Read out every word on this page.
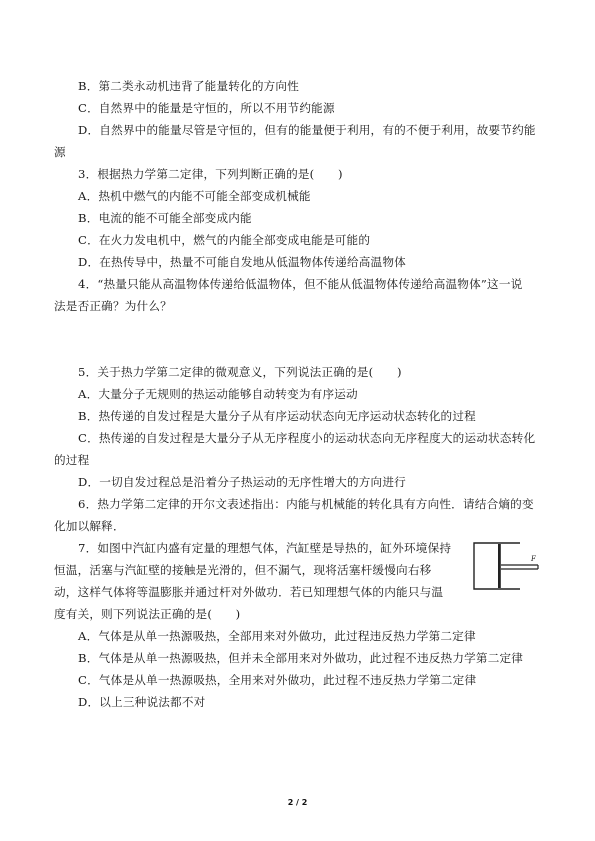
B．第二类永动机违背了能量转化的方向性
C．自然界中的能量是守恒的，所以不用节约能源
D．自然界中的能量尽管是守恒的，但有的能量便于利用，有的不便于利用，故要节约能
源
3．根据热力学第二定律，下列判断正确的是(　　)
A．热机中燃气的内能不可能全部变成机械能
B．电流的能不可能全部变成内能
C．在火力发电机中，燃气的内能全部变成电能是可能的
D．在热传导中，热量不可能自发地从低温物体传递给高温物体
4．“热量只能从高温物体传递给低温物体，但不能从低温物体传递给高温物体”这一说
法是否正确？为什么？
5．关于热力学第二定律的微观意义，下列说法正确的是(　　)
A．大量分子无规则的热运动能够自动转变为有序运动
B．热传递的自发过程是大量分子从有序运动状态向无序运动状态转化的过程
C．热传递的自发过程是大量分子从无序程度小的运动状态向无序程度大的运动状态转化
的过程
D．一切自发过程总是沿着分子热运动的无序性增大的方向进行
6．热力学第二定律的开尔文表述指出：内能与机械能的转化具有方向性．请结合熵的变
化加以解释．
7．如图中汽缸内盛有定量的理想气体，汽缸壁是导热的，缸外环境保持
恒温，活塞与汽缸壁的接触是光滑的，但不漏气，现将活塞杆缓慢向右移
动，这样气体将等温膨胀并通过杆对外做功．若已知理想气体的内能只与温
度有关，则下列说法正确的是(　　)
A．气体是从单一热源吸热，全部用来对外做功，此过程违反热力学第二定律
B．气体是从单一热源吸热，但并未全部用来对外做功，此过程不违反热力学第二定律
C．气体是从单一热源吸热，全用来对外做功，此过程不违反热力学第二定律
D．以上三种说法都不对
F
2 / 2
